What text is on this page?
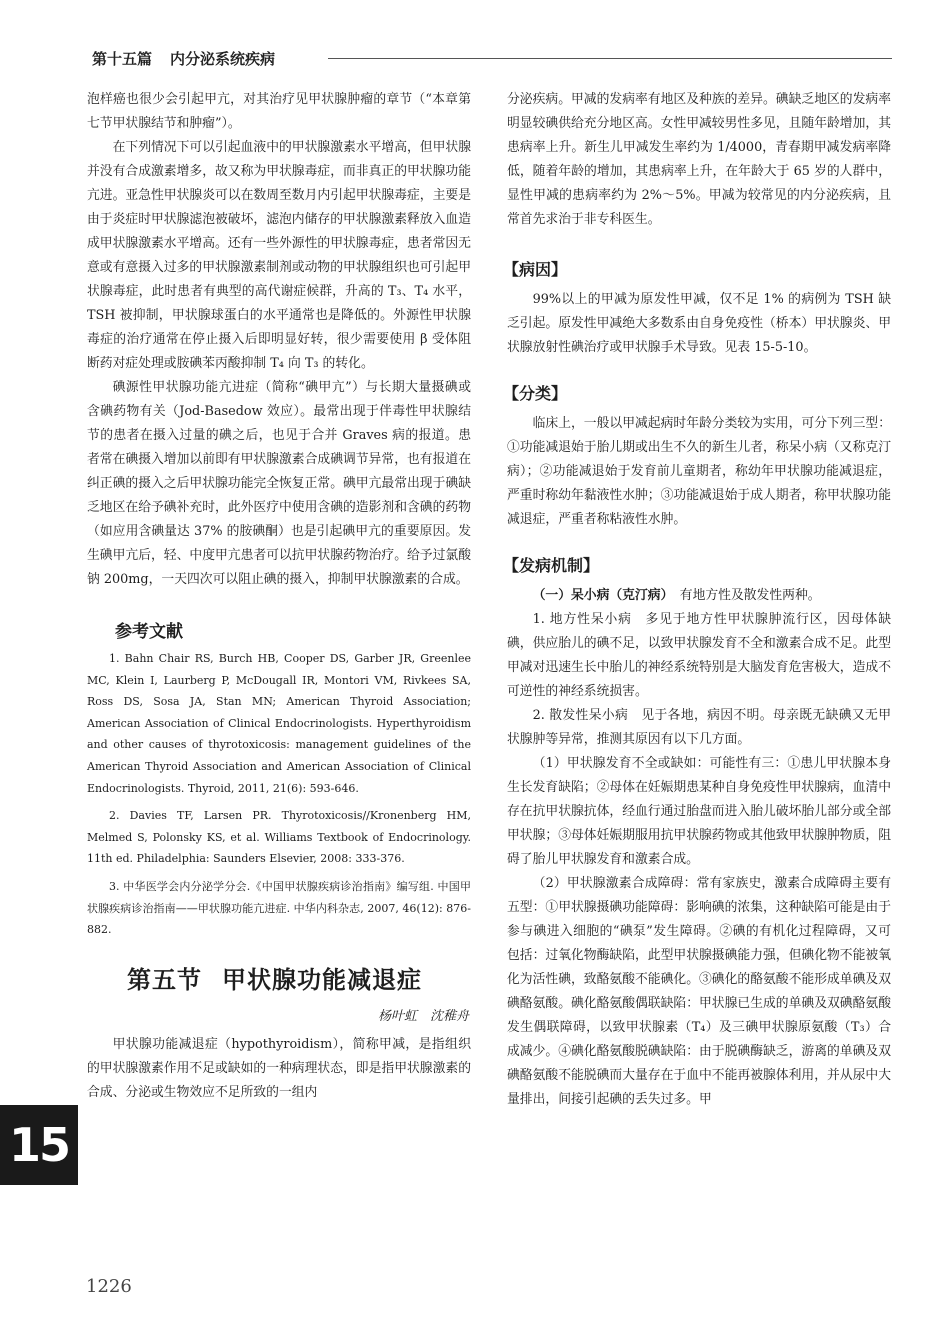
第十五篇 内分泌系统疾病

泡样癌也很少会引起甲亢，对其治疗见甲状腺肿瘤的章节（“本章第七节甲状腺结节和肿瘤”）。

在下列情况下可以引起血液中的甲状腺激素水平增高，但甲状腺并没有合成激素增多，故又称为甲状腺毒症，而非真正的甲状腺功能亢进。亚急性甲状腺炎可以在数周至数月内引起甲状腺毒症，主要是由于炎症时甲状腺滤泡被破坏，滤泡内储存的甲状腺激素释放入血造成甲状腺激素水平增高。还有一些外源性的甲状腺毒症，患者常因无意或有意摄入过多的甲状腺激素制剂或动物的甲状腺组织也可引起甲状腺毒症，此时患者有典型的高代谢症候群，升高的 T₃、T₄ 水平，TSH 被抑制，甲状腺球蛋白的水平通常也是降低的。外源性甲状腺毒症的治疗通常在停止摄入后即明显好转，很少需要使用 β 受体阻断药对症处理或胺碘苯丙酸抑制 T₄ 向 T₃ 的转化。

碘源性甲状腺功能亢进症（简称“碘甲亢”）与长期大量摄碘或含碘药物有关（Jod-Basedow 效应）。最常出现于伴毒性甲状腺结节的患者在摄入过量的碘之后，也见于合并 Graves 病的报道。患者常在碘摄入增加以前即有甲状腺激素合成碘调节异常，也有报道在纠正碘的摄入之后甲状腺功能完全恢复正常。碘甲亢最常出现于碘缺乏地区在给予碘补充时，此外医疗中使用含碘的造影剂和含碘的药物（如应用含碘量达 37% 的胺碘酮）也是引起碘甲亢的重要原因。发生碘甲亢后，轻、中度甲亢患者可以抗甲状腺药物治疗。给予过氯酸钠 200mg，一天四次可以阻止碘的摄入，抑制甲状腺激素的合成。

参考文献

1. Bahn Chair RS, Burch HB, Cooper DS, Garber JR, Greenlee MC, Klein I, Laurberg P, McDougall IR, Montori VM, Rivkees SA, Ross DS, Sosa JA, Stan MN; American Thyroid Association; American Association of Clinical Endocrinologists. Hyperthyroidism and other causes of thyrotoxicosis: management guidelines of the American Thyroid Association and American Association of Clinical Endocrinologists. Thyroid, 2011, 21(6): 593-646.

2. Davies TF, Larsen PR. Thyrotoxicosis//Kronenberg HM, Melmed S, Polonsky KS, et al. Williams Textbook of Endocrinology. 11th ed. Philadelphia: Saunders Elsevier, 2008: 333-376.

3. 中华医学会内分泌学分会.《中国甲状腺疾病诊治指南》编写组. 中国甲状腺疾病诊治指南——甲状腺功能亢进症. 中华内科杂志, 2007, 46(12): 876-882.

第五节 甲状腺功能减退症
杨叶虹　沈稚舟

甲状腺功能减退症（hypothyroidism），简称甲减，是指组织的甲状腺激素作用不足或缺如的一种病理状态，即是指甲状腺激素的合成、分泌或生物效应不足所致的一组内

分泌疾病。甲减的发病率有地区及种族的差异。碘缺乏地区的发病率明显较碘供给充分地区高。女性甲减较男性多见，且随年龄增加，其患病率上升。新生儿甲减发生率约为 1/4000，青春期甲减发病率降低，随着年龄的增加，其患病率上升，在年龄大于 65 岁的人群中，显性甲减的患病率约为 2%～5%。甲减为较常见的内分泌疾病，且常首先求治于非专科医生。

【病因】

99%以上的甲减为原发性甲减，仅不足 1% 的病例为 TSH 缺乏引起。原发性甲减绝大多数系由自身免疫性（桥本）甲状腺炎、甲状腺放射性碘治疗或甲状腺手术导致。见表 15-5-10。

【分类】

临床上，一般以甲减起病时年龄分类较为实用，可分下列三型：①功能减退始于胎儿期或出生不久的新生儿者，称呆小病（又称克汀病）；②功能减退始于发育前儿童期者，称幼年甲状腺功能减退症，严重时称幼年黏液性水肿；③功能减退始于成人期者，称甲状腺功能减退症，严重者称粘液性水肿。

【发病机制】

（一）呆小病（克汀病）　有地方性及散发性两种。

1. 地方性呆小病　多见于地方性甲状腺肿流行区，因母体缺碘，供应胎儿的碘不足，以致甲状腺发育不全和激素合成不足。此型甲减对迅速生长中胎儿的神经系统特别是大脑发育危害极大，造成不可逆性的神经系统损害。

2. 散发性呆小病　见于各地，病因不明。母亲既无缺碘又无甲状腺肿等异常，推测其原因有以下几方面。

（1）甲状腺发育不全或缺如：可能性有三：①患儿甲状腺本身生长发育缺陷；②母体在妊娠期患某种自身免疫性甲状腺病，血清中存在抗甲状腺抗体，经血行通过胎盘而进入胎儿破坏胎儿部分或全部甲状腺；③母体妊娠期服用抗甲状腺药物或其他致甲状腺肿物质，阻碍了胎儿甲状腺发育和激素合成。

（2）甲状腺激素合成障碍：常有家族史，激素合成障碍主要有五型：①甲状腺摄碘功能障碍：影响碘的浓集，这种缺陷可能是由于参与碘进入细胞的“碘泵”发生障碍。②碘的有机化过程障碍，又可包括：过氧化物酶缺陷，此型甲状腺摄碘能力强，但碘化物不能被氧化为活性碘，致酪氨酸不能碘化。③碘化的酪氨酸不能形成单碘及双碘酪氨酸。碘化酪氨酸偶联缺陷：甲状腺已生成的单碘及双碘酪氨酸发生偶联障碍，以致甲状腺素（T₄）及三碘甲状腺原氨酸（T₃）合成减少。④碘化酪氨酸脱碘缺陷：由于脱碘酶缺乏，游离的单碘及双碘酪氨酸不能脱碘而大量存在于血中不能再被腺体利用，并从尿中大量排出，间接引起碘的丢失过多。甲

15
1226
